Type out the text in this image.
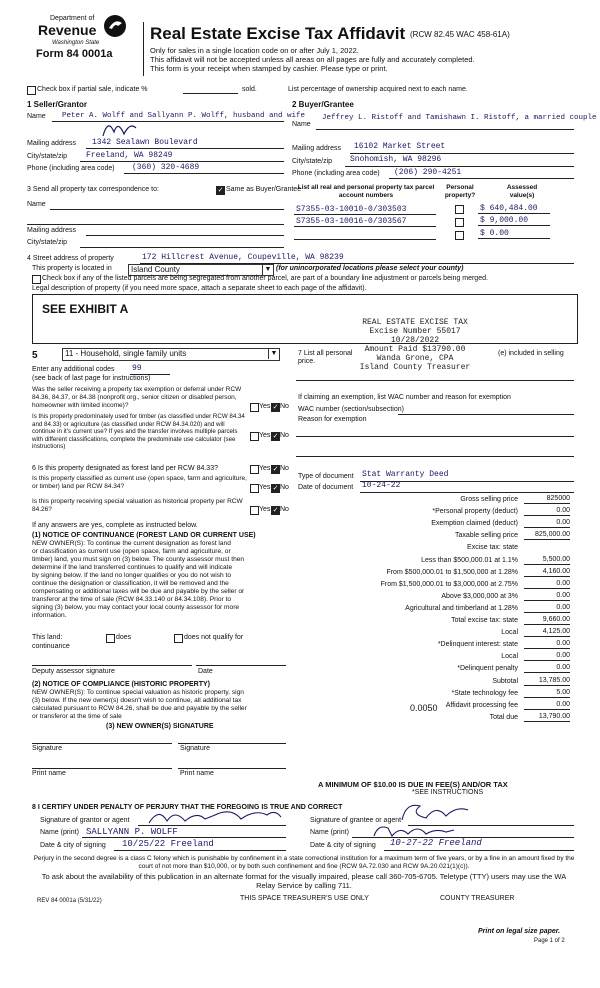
Department of
Revenue
Washington State
Form 84 0001a
Real Estate Excise Tax Affidavit (RCW 82.45 WAC 458-61A)
Only for sales in a single location code on or after July 1, 2022.
This affidavit will not be accepted unless all areas on all pages are fully and accurately completed.
This form is your receipt when stamped by cashier. Please type or print.
Check box if partial sale, indicate %	sold.	List percentage of ownership acquired next to each name.
1 Seller/Grantor
Name Peter A. Wolff and Sallyann P. Wolff, husband and wife
Mailing address 1342 Sealawn Boulevard
City/state/zip Freeland, WA 98249
Phone (including area code) (360) 320-4689
2 Buyer/Grantee
Name
Jeffrey L. Ristoff and Tamishawn I. Ristoff, a married couple
Mailing address 16102 Market Street
City/state/zip Snohomish, WA 98296
Phone (including area code) (206) 290-4251
3 Send all property tax correspondence to:	✓ Same as Buyer/Grantee
Name
Mailing address
City/state/zip
List all real and personal property tax parcel account numbers
Personal property?
Assessed value(s)
S7355-03-10010-0/303503	$ 640,484.00
S7355-03-10016-0/303567	$ 9,000.00
$ 0.00
4 Street address of property	172 Hillcrest Avenue, Coupeville, WA 98239
This property is located in	Island County	▼ (for unincorporated locations please select your county)
Check box if any of the listed parcels are being segregated from another parcel, are part of a boundary line adjustment or parcels being merged.
Legal description of property (if you need more space, attach a separate sheet to each page of the affidavit).
SEE EXHIBIT A
REAL ESTATE EXCISE TAX
Excise Number 55017
10/28/2022
Amount Paid $13790.00
Wanda Grone, CPA
Island County Treasurer
5	11 - Household, single family units	▼
Enter any additional codes 99
(see back of last page for instructions)
Was the seller receiving a property tax exemption or deferral under RCW 84.36, 84.37, or 84.38 (nonprofit org., senior citizen or disabled person, homeowner with limited income)?	Yes ✓ No
Is this property predominately used for timber (as classified under RCW 84.34 and 84.33) or agriculture (as classified under RCW 84.34.020) and will continue in it's current use? If yes and the transfer involves multiple parcels with different classifications, complete the predominate use calculator (see instructions)
Yes ✓ No
7 List all personal
price.
(e) included in selling
If claiming an exemption, list WAC number and reason for exemption
WAC number (section/subsection)
Reason for exemption
Type of document Stat Warranty Deed
Date of document 10-24-22
6 Is this property designated as forest land per RCW 84.33?	Yes ✓ No
Is this property classified as current use (open space, farm and agriculture, or timber) land per RCW 84.34?	Yes ✓ No
Is this property receiving special valuation as historical property per RCW 84.26?	Yes ✓ No
If any answers are yes, complete as instructed below.
(1) NOTICE OF CONTINUANCE (FOREST LAND OR CURRENT USE)
NEW OWNER(S): To continue the current designation as forest land
or classification as current use (open space, farm and agriculture, or
timber) land, you must sign on (3) below. The county assessor must then
determine if the land transferred continues to qualify and will indicate
by signing below. If the land no longer qualifies or you do not wish to
continue the designation or classification, it will be removed and the
compensating or additional taxes will be due and payable by the seller or
transferor at the time of sale (RCW 84.33.140 or 84.34.108). Prior to
signing (3) below, you may contact your local county assessor for more
information.
This land:	does	does not qualify for
continuance
Deputy assessor signature	Date
(2) NOTICE OF COMPLIANCE (HISTORIC PROPERTY)
NEW OWNER(S): To continue special valuation as historic property, sign
(3) below. If the new owner(s) doesn't wish to continue, all additional tax
calculated pursuant to RCW 84.26, shall be due and payable by the seller
or transferor at the time of sale
(3) NEW OWNER(S) SIGNATURE
Signature	Signature
Print name	Print name
Gross selling price	825000
*Personal property (deduct)	0.00
Exemption claimed (deduct)	0.00
Taxable selling price	825,000.00
Excise tax: state
Less than $500,000.01 at 1.1%	5,500.00
From $500,000.01 to $1,500,000 at 1.28%	4,160.00
From $1,500,000.01 to $3,000,000 at 2.75%	0.00
Above $3,000,000 at 3%	0.00
Agricultural and timberland at 1.28%	0.00
Total excise tax: state	9,660.00
Local	4,125.00
*Delinquent interest: state	0.00
Local	0.00
*Delinquent penalty	0.00
Subtotal	13,785.00
*State technology fee	5.00
Affidavit processing fee	0.00
Total due	13,790.00
0.0050
A MINIMUM OF $10.00 IS DUE IN FEE(S) AND/OR TAX
*SEE INSTRUCTIONS
8 I CERTIFY UNDER PENALTY OF PERJURY THAT THE FOREGOING IS TRUE AND CORRECT
Signature of grantor or agent
Name (print) SALLYANN P. WOLFF
Date & city of signing 10/25/22 Freeland
Signature of grantee or agent
Name (print)
Date & city of signing 10-27-22 Freeland
Perjury in the second degree is a class C felony which is punishable by confinement in a state correctional institution for a maximum term of five years, or by a fine in an amount fixed by the court of not more than $10,000, or by both such confinement and fine (RCW 9A.72.030 and RCW 9A.20.021(1)(c)).
To ask about the availability of this publication in an alternate format for the visually impaired, please call 360-705-6705. Teletype (TTY) users may use the WA Relay Service by calling 711.
REV 84 0001a (5/31/22)	THIS SPACE TREASURER'S USE ONLY	COUNTY TREASURER
Print on legal size paper.
Page 1 of 2
